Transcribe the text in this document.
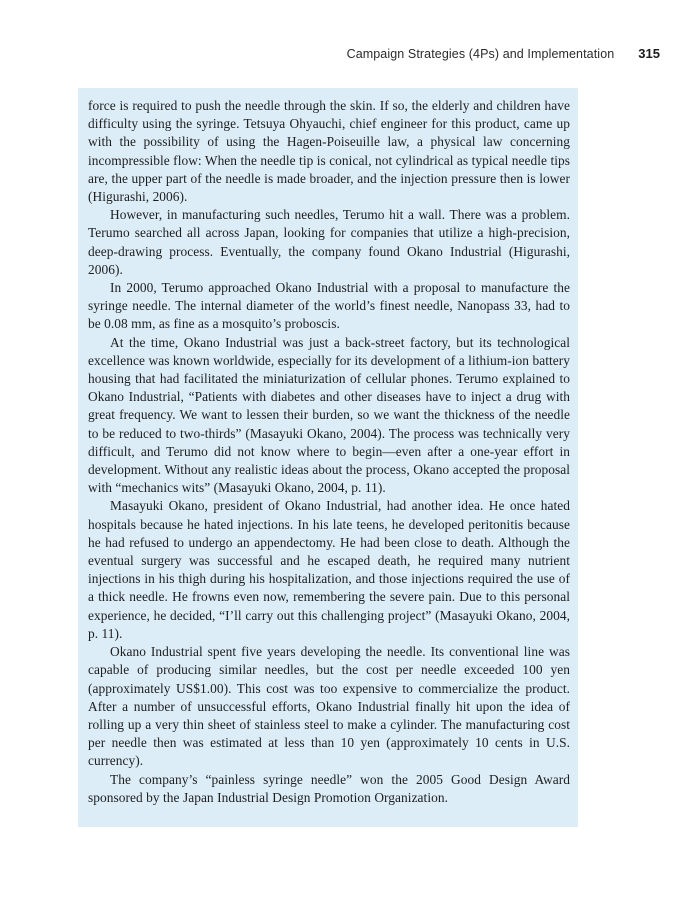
Campaign Strategies (4Ps) and Implementation 315

force is required to push the needle through the skin. If so, the elderly and children have difficulty using the syringe. Tetsuya Ohyauchi, chief engineer for this product, came up with the possibility of using the Hagen-Poiseuille law, a physical law concerning incompressible flow: When the needle tip is conical, not cylindrical as typical needle tips are, the upper part of the needle is made broader, and the injection pressure then is lower (Higurashi, 2006).

However, in manufacturing such needles, Terumo hit a wall. There was a problem. Terumo searched all across Japan, looking for companies that utilize a high-precision, deep-drawing process. Eventually, the company found Okano Industrial (Higurashi, 2006).

In 2000, Terumo approached Okano Industrial with a proposal to manufacture the syringe needle. The internal diameter of the world’s finest needle, Nanopass 33, had to be 0.08 mm, as fine as a mosquito’s proboscis.

At the time, Okano Industrial was just a back-street factory, but its technological excellence was known worldwide, especially for its development of a lithium-ion battery housing that had facilitated the miniaturization of cellular phones. Terumo explained to Okano Industrial, “Patients with diabetes and other diseases have to inject a drug with great frequency. We want to lessen their burden, so we want the thickness of the needle to be reduced to two-thirds” (Masayuki Okano, 2004). The process was technically very difficult, and Terumo did not know where to begin—even after a one-year effort in development. Without any realistic ideas about the process, Okano accepted the proposal with “mechanics wits” (Masayuki Okano, 2004, p. 11).

Masayuki Okano, president of Okano Industrial, had another idea. He once hated hospitals because he hated injections. In his late teens, he developed peritonitis because he had refused to undergo an appendectomy. He had been close to death. Although the eventual surgery was successful and he escaped death, he required many nutrient injections in his thigh during his hospitalization, and those injections required the use of a thick needle. He frowns even now, remembering the severe pain. Due to this personal experience, he decided, “I’ll carry out this challenging project” (Masayuki Okano, 2004, p. 11).

Okano Industrial spent five years developing the needle. Its conventional line was capable of producing similar needles, but the cost per needle exceeded 100 yen (approximately US$1.00). This cost was too expensive to commercialize the product. After a number of unsuccessful efforts, Okano Industrial finally hit upon the idea of rolling up a very thin sheet of stainless steel to make a cylinder. The manufacturing cost per needle then was estimated at less than 10 yen (approximately 10 cents in U.S. currency).

The company’s “painless syringe needle” won the 2005 Good Design Award sponsored by the Japan Industrial Design Promotion Organization.
